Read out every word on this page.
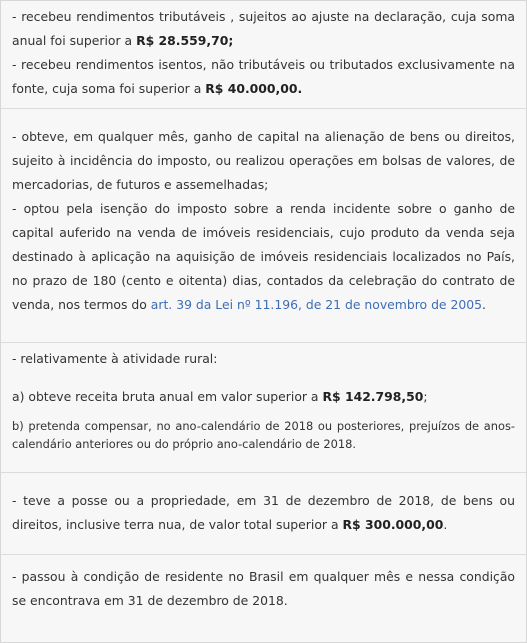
- recebeu rendimentos tributáveis , sujeitos ao ajuste na declaração, cuja soma anual foi superior a R$ 28.559,70;

- recebeu rendimentos isentos, não tributáveis ou tributados exclusivamente na fonte, cuja soma foi superior a R$ 40.000,00.

- obteve, em qualquer mês, ganho de capital na alienação de bens ou direitos, sujeito à incidência do imposto, ou realizou operações em bolsas de valores, de mercadorias, de futuros e assemelhadas;

- optou pela isenção do imposto sobre a renda incidente sobre o ganho de capital auferido na venda de imóveis residenciais, cujo produto da venda seja destinado à aplicação na aquisição de imóveis residenciais localizados no País, no prazo de 180 (cento e oitenta) dias, contados da celebração do contrato de venda, nos termos do art. 39 da Lei nº 11.196, de 21 de novembro de 2005.

- relativamente à atividade rural:

a) obteve receita bruta anual em valor superior a R$ 142.798,50;

b) pretenda compensar, no ano-calendário de 2018 ou posteriores, prejuízos de anos-calendário anteriores ou do próprio ano-calendário de 2018.

- teve a posse ou a propriedade, em 31 de dezembro de 2018, de bens ou direitos, inclusive terra nua, de valor total superior a R$ 300.000,00.

- passou à condição de residente no Brasil em qualquer mês e nessa condição se encontrava em 31 de dezembro de 2018.
